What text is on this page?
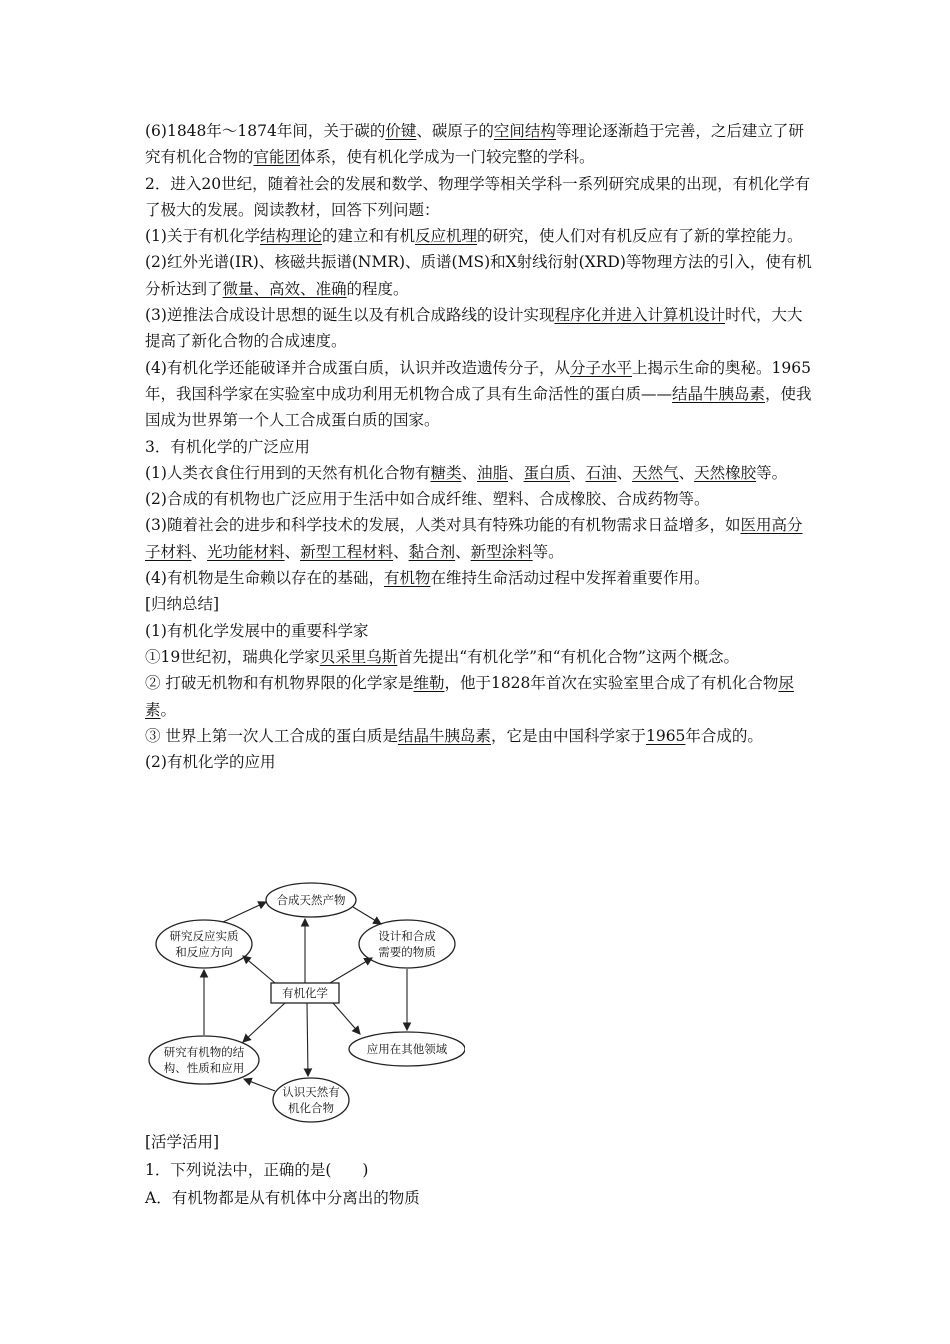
(6)1848年～1874年间，关于碳的价键、碳原子的空间结构等理论逐渐趋于完善，之后建立了研究有机化合物的官能团体系，使有机化学成为一门较完整的学科。

2．进入20世纪，随着社会的发展和数学、物理学等相关学科一系列研究成果的出现，有机化学有了极大的发展。阅读教材，回答下列问题：

(1)关于有机化学结构理论的建立和有机反应机理的研究，使人们对有机反应有了新的掌控能力。

(2)红外光谱(IR)、核磁共振谱(NMR)、质谱(MS)和X射线衍射(XRD)等物理方法的引入，使有机分析达到了微量、高效、准确的程度。

(3)逆推法合成设计思想的诞生以及有机合成路线的设计实现程序化并进入计算机设计时代，大大提高了新化合物的合成速度。

(4)有机化学还能破译并合成蛋白质，认识并改造遗传分子，从分子水平上揭示生命的奥秘。1965年，我国科学家在实验室中成功利用无机物合成了具有生命活性的蛋白质——结晶牛胰岛素，使我国成为世界第一个人工合成蛋白质的国家。

3．有机化学的广泛应用

(1)人类衣食住行用到的天然有机化合物有糖类、油脂、蛋白质、石油、天然气、天然橡胶等。

(2)合成的有机物也广泛应用于生活中如合成纤维、塑料、合成橡胶、合成药物等。

(3)随着社会的进步和科学技术的发展，人类对具有特殊功能的有机物需求日益增多，如医用高分子材料、光功能材料、新型工程材料、黏合剂、新型涂料等。

(4)有机物是生命赖以存在的基础，有机物在维持生命活动过程中发挥着重要作用。

[归纳总结]

(1)有机化学发展中的重要科学家

①19世纪初，瑞典化学家贝采里乌斯首先提出“有机化学”和“有机化合物”这两个概念。

② 打破无机物和有机物界限的化学家是维勒，他于1828年首次在实验室里合成了有机化合物尿素。

③ 世界上第一次人工合成的蛋白质是结晶牛胰岛素，它是由中国科学家于1965年合成的。

(2)有机化学的应用

有机化学
合成天然产物
设计和合成
需要的物质
应用在其他领域
认识天然有
机化合物
研究有机物的结
构、性质和应用
研究反应实质
和反应方向

[活学活用]

1．下列说法中，正确的是(　　)

A．有机物都是从有机体中分离出的物质
